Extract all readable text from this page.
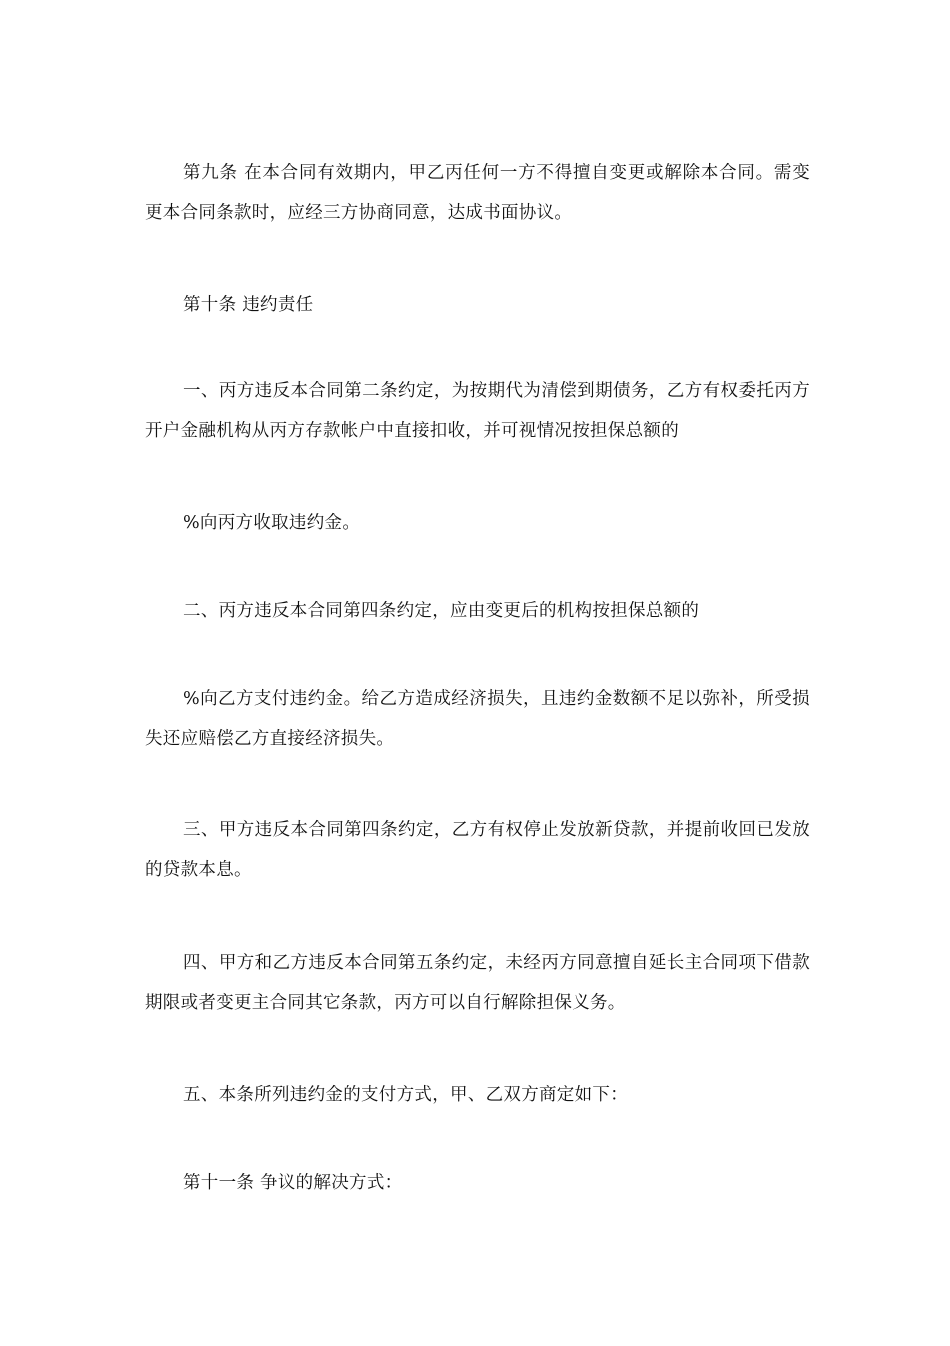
第九条 在本合同有效期内，甲乙丙任何一方不得擅自变更或解除本合同。需变更本合同条款时，应经三方协商同意，达成书面协议。

第十条 违约责任

一、丙方违反本合同第二条约定，为按期代为清偿到期债务，乙方有权委托丙方开户金融机构从丙方存款帐户中直接扣收，并可视情况按担保总额的

%向丙方收取违约金。

二、丙方违反本合同第四条约定，应由变更后的机构按担保总额的

%向乙方支付违约金。给乙方造成经济损失，且违约金数额不足以弥补，所受损失还应赔偿乙方直接经济损失。

三、甲方违反本合同第四条约定，乙方有权停止发放新贷款，并提前收回已发放的贷款本息。

四、甲方和乙方违反本合同第五条约定，未经丙方同意擅自延长主合同项下借款期限或者变更主合同其它条款，丙方可以自行解除担保义务。

五、本条所列违约金的支付方式，甲、乙双方商定如下：

第十一条 争议的解决方式：
